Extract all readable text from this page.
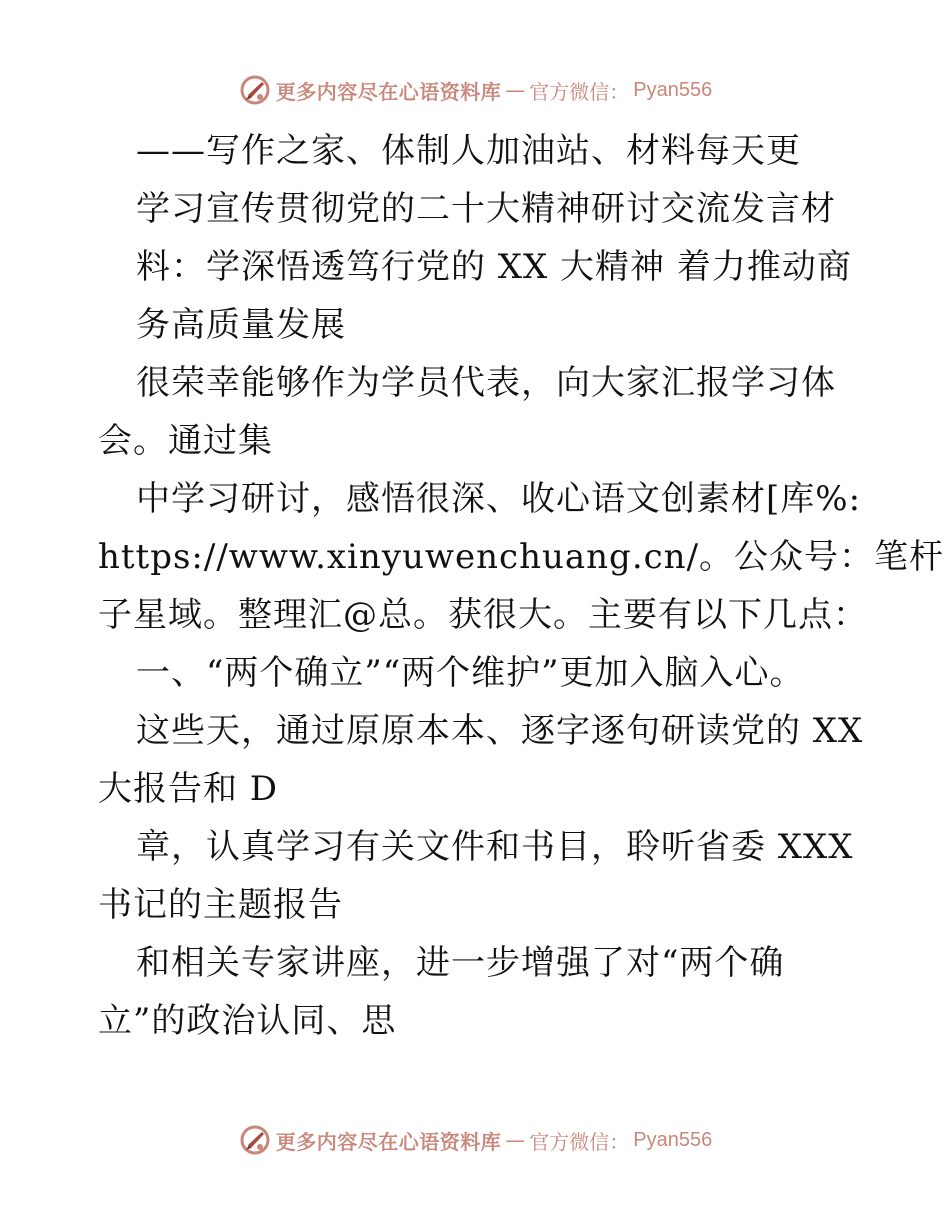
更多内容尽在心语资料库 — 官方微信： Pyan556
——写作之家、体制人加油站、材料每天更
学习宣传贯彻党的二十大精神研讨交流发言材
料：学深悟透笃行党的 XX 大精神 着力推动商
务高质量发展
很荣幸能够作为学员代表，向大家汇报学习体
会。通过集
中学习研讨，感悟很深、收心语文创素材[库%:
https://www.xinyuwenchuang.cn/。公众号：笔杆
子星域。整理汇@总。获很大。主要有以下几点：
一、“两个确立”“两个维护”更加入脑入心。
这些天，通过原原本本、逐字逐句研读党的 XX
大报告和 D
章，认真学习有关文件和书目，聆听省委 XXX
书记的主题报告
和相关专家讲座，进一步增强了对“两个确
立”的政治认同、思
更多内容尽在心语资料库 — 官方微信： Pyan556
